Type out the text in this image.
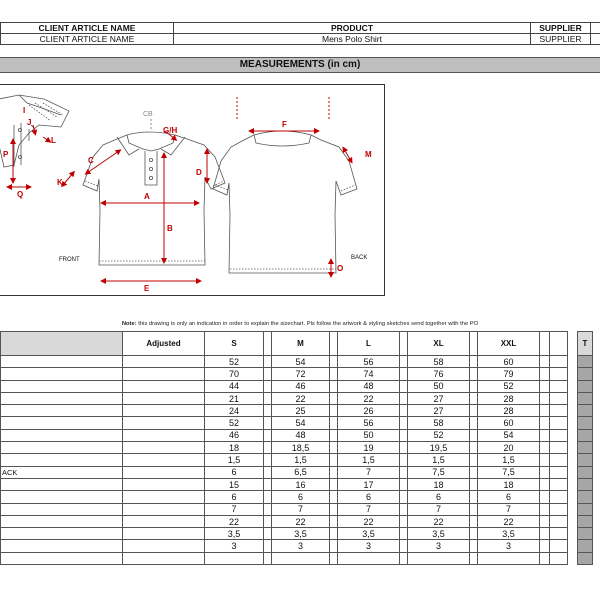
CLIENT ARTICLE NAME	PRODUCT	SUPPLIER	
CLIENT ARTICLE NAME	Mens Polo Shirt	SUPPLIER	
MEASUREMENTS (in cm)
A
B
C
D
E
F
G/H
I
J
K
L
M
O
P
Q
CB
FRONT	BACK
Note: this drawing is only an indication in order to explain the sizechart. Pls follow the artwork & styling sketches send together with the PO
	Adjusted	S		M		L		XL		XXL				T
		52		54		56		58		60				
		70		72		74		76		79				
		44		46		48		50		52				
		21		22		22		27		28				
		24		25		26		27		28				
		52		54		56		58		60				
		46		48		50		52		54				
		18		18,5		19		19,5		20				
		1,5		1,5		1,5		1,5		1,5				
ACK		6		6,5		7		7,5		7,5				
		15		16		17		18		18				
		6		6		6		6		6				
		7		7		7		7		7				
		22		22		22		22		22				
		3,5		3,5		3,5		3,5		3,5				
		3		3		3		3		3				
